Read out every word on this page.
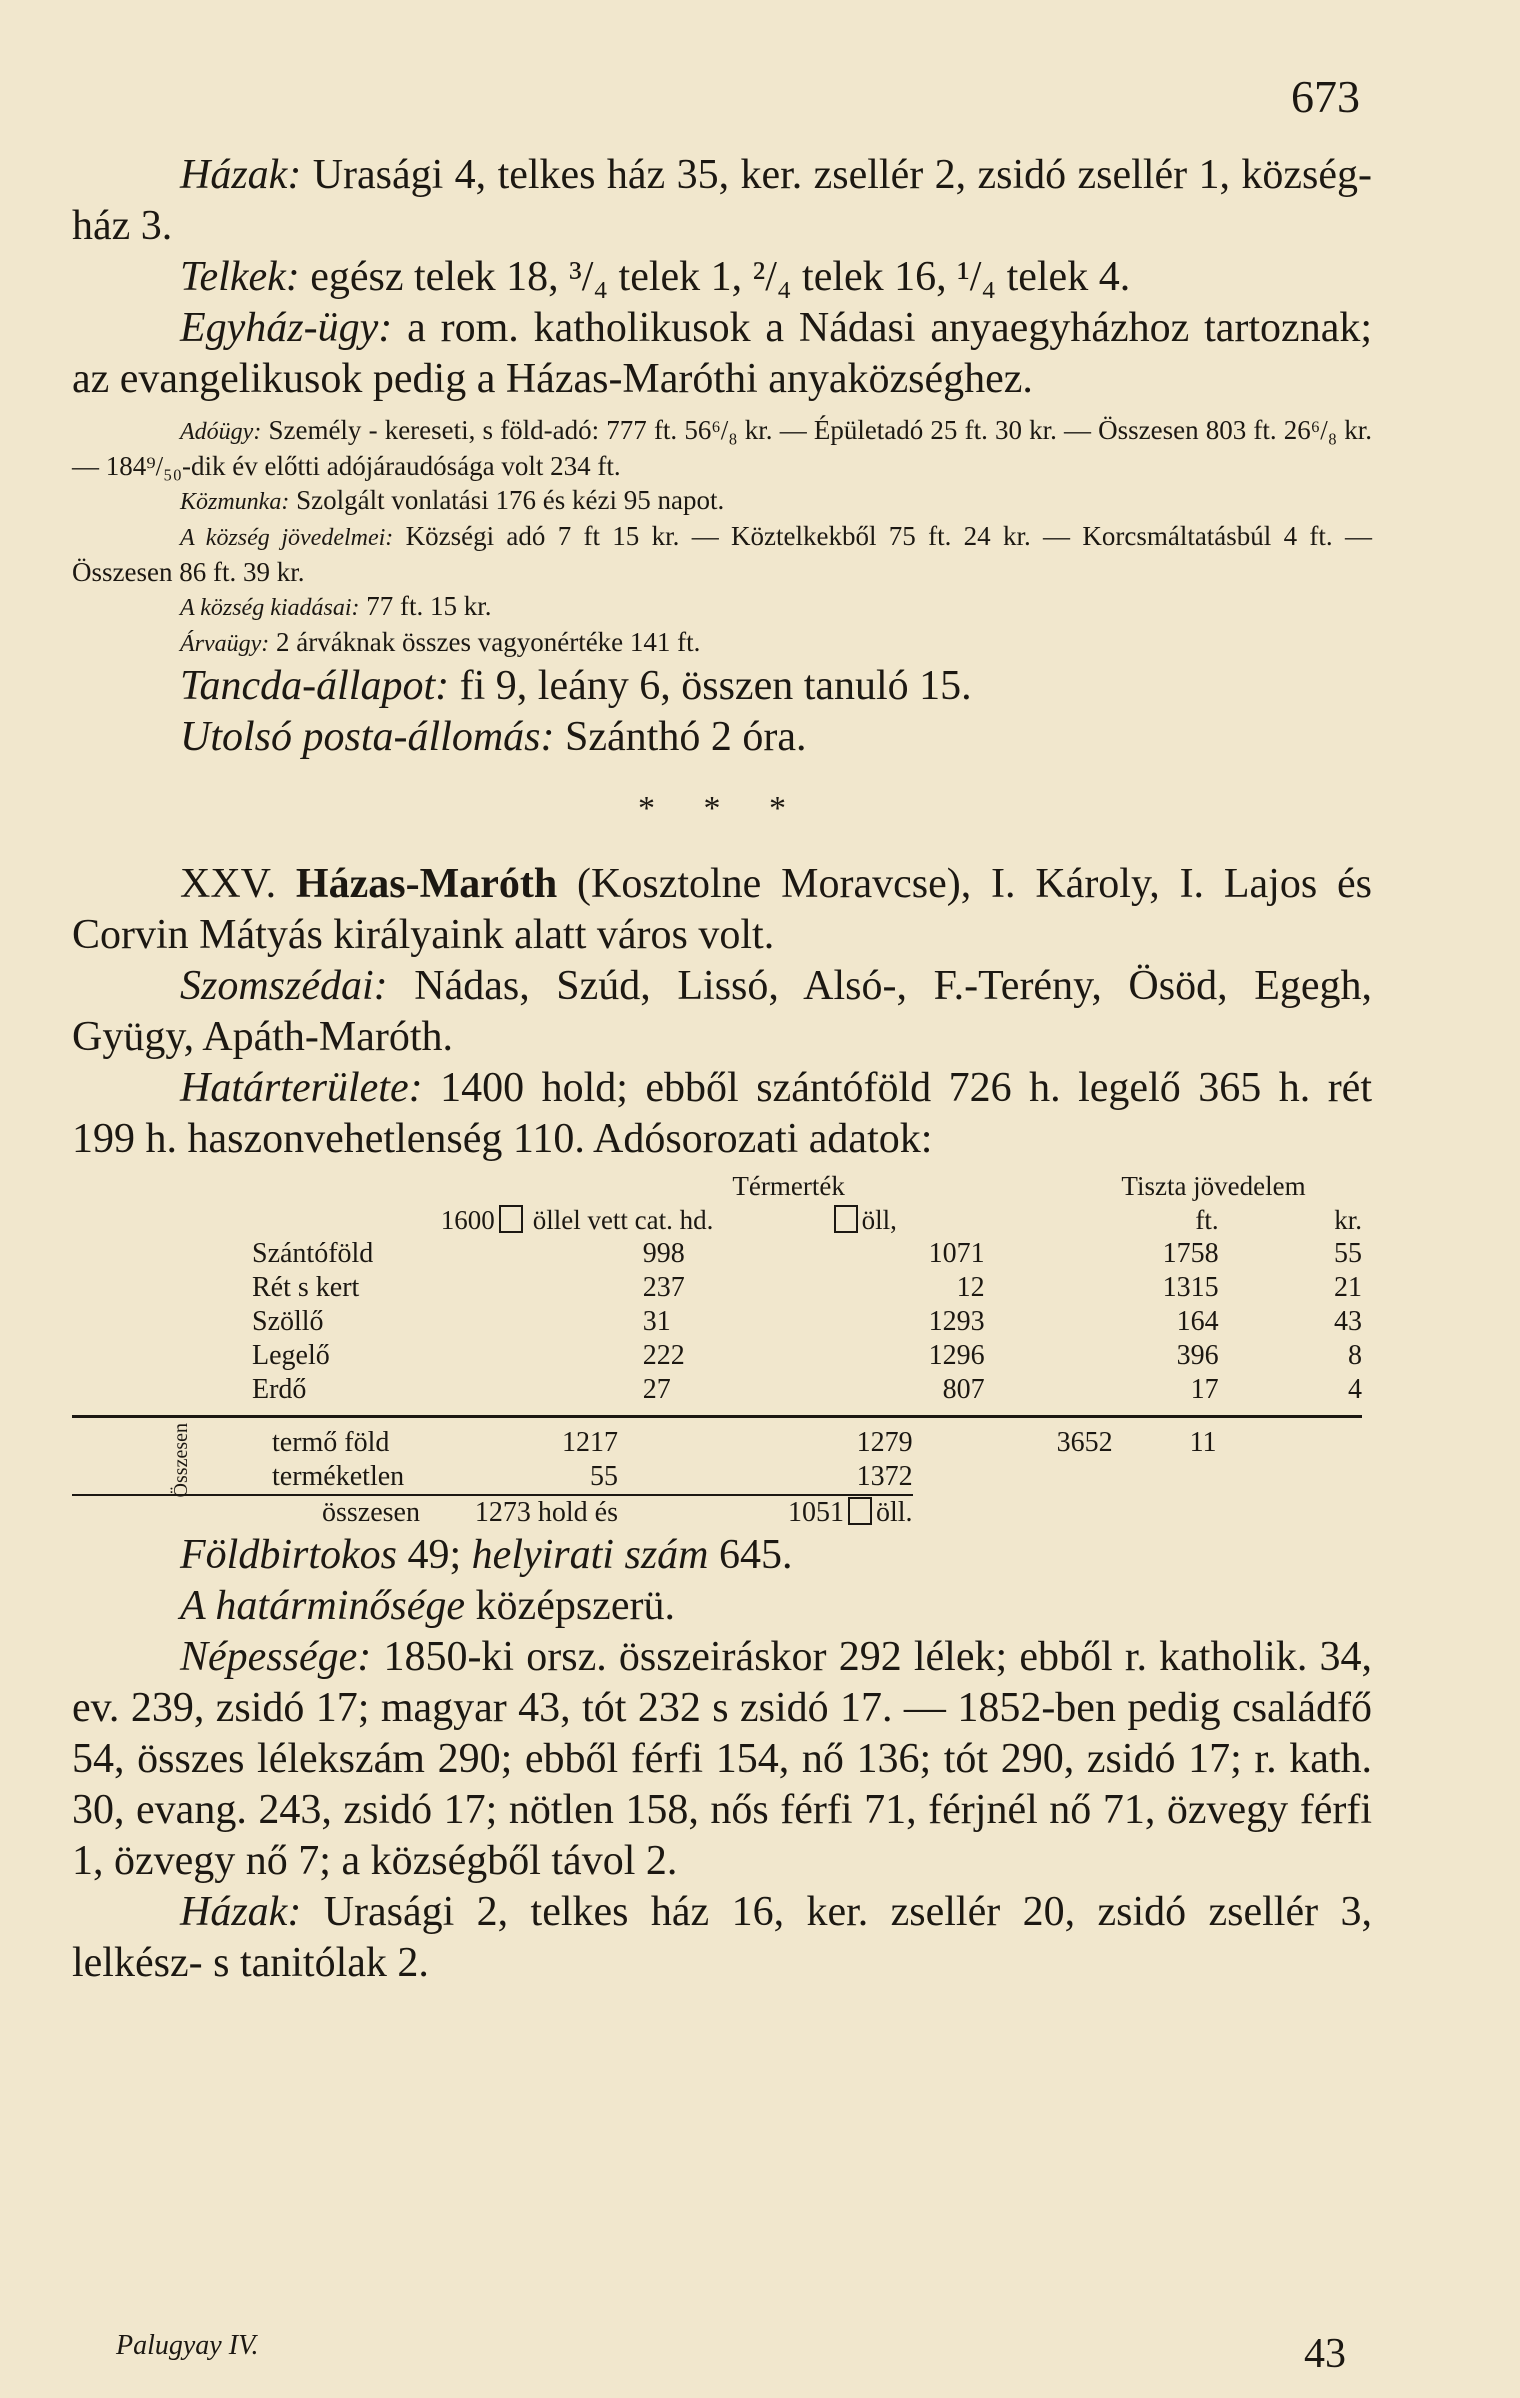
673

Házak: Urasági 4, telkes ház 35, ker. zsellér 2, zsidó zsellér 1, község-ház 3.

Telkek: egész telek 18, ³/₄ telek 1, ²/₄ telek 16, ¹/₄ telek 4.

Egyház-ügy: a rom. katholikusok a Nádasi anyaegyházhoz tartoznak; az evangelikusok pedig a Házas-Maróthi anyaközséghez.

Adóügy: Személy - kereseti, s föld-adó: 777 ft. 56⁶/₈ kr. — Épületadó 25 ft. 30 kr. — Összesen 803 ft. 26⁶/₈ kr. — 184⁹/₅₀-dik év előtti adójáraudósága volt 234 ft.

Közmunka: Szolgált vonlatási 176 és kézi 95 napot.

A község jövedelmei: Községi adó 7 ft 15 kr. — Köztelkekből 75 ft. 24 kr. — Korcsmáltatásbúl 4 ft. — Összesen 86 ft. 39 kr.

A község kiadásai: 77 ft. 15 kr.

Árvaügy: 2 árváknak összes vagyonértéke 141 ft.

Tancda-állapot: fi 9, leány 6, összen tanuló 15.

Utolsó posta-állomás: Szánthó 2 óra.

* * *

XXV. Házas-Maróth (Kosztolne Moravcse), I. Károly, I. Lajos és Corvin Mátyás királyaink alatt város volt.

Szomszédai: Nádas, Szúd, Lissó, Alsó-, F.-Terény, Ösöd, Egegh, Gyügy, Apáth-Maróth.

Határterülete: 1400 hold; ebből szántóföld 726 h. legelő 365 h. rét 199 h. haszonvehetlenség 110. Adósorozati adatok:

	Térmerték			Tiszta jövedelem	
1600	öllel vett cat. hd.	öll,		ft.	kr.
Szántóföld	998	1071		1758	55
Rét s kert	237	12		1315	21
Szöllő	31	1293		164	43
Legelő	222	1296		396	8
Erdő	27	807		17	4
Összesen	termő föld	1217	1279	3652	11	
terméketlen	55	1372			
összesen	1273 hold és	1051 öll.			

Földbirtokos 49; helyirati szám 645.

A határminősége középszerü.

Népessége: 1850-ki orsz. összeiráskor 292 lélek; ebből r. katholik. 34, ev. 239, zsidó 17; magyar 43, tót 232 s zsidó 17. — 1852-ben pedig családfő 54, összes lélekszám 290; ebből férfi 154, nő 136; tót 290, zsidó 17; r. kath. 30, evang. 243, zsidó 17; nötlen 158, nős férfi 71, férjnél nő 71, özvegy férfi 1, özvegy nő 7; a községből távol 2.

Házak: Urasági 2, telkes ház 16, ker. zsellér 20, zsidó zsellér 3, lelkész- s tanitólak 2.

Palugyay IV.	43
